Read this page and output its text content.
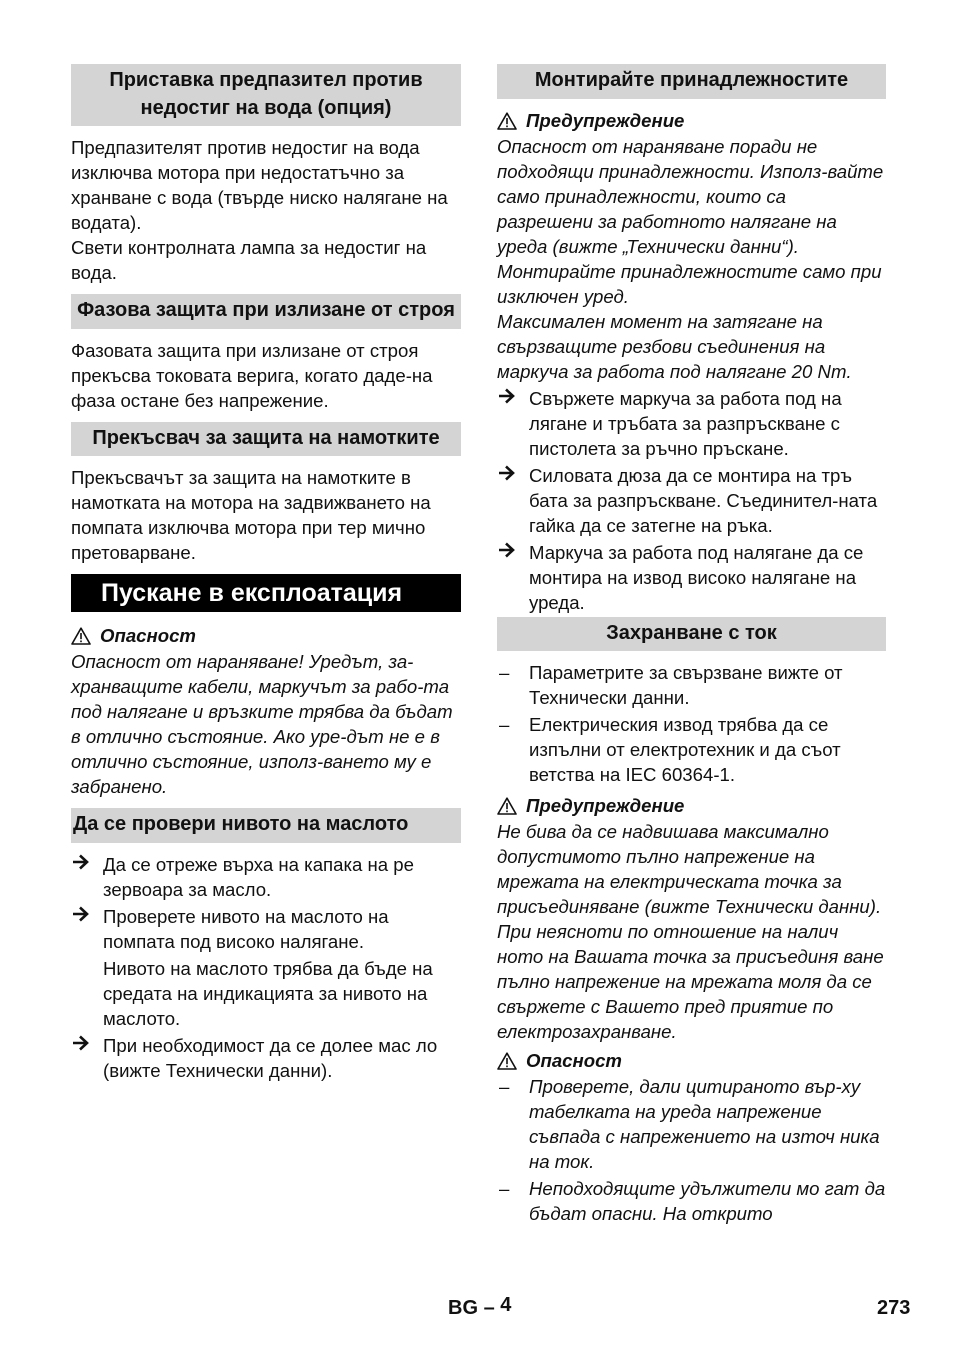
Приставка предпазител против недостиг на вода (опция)

Предпазителят против недостиг на вода изключва мотора при недостатъчно за хранване с вода (твърде ниско налягане на водата).

Свети контролната лампа за недостиг на вода.

Фазова защита при излизане от строя

Фазовата защита при излизане от строя прекъсва токовата верига, когато даде-на фаза остане без напрежение.

Прекъсвач за защита на намотките

Прекъсвачът за защита на намотките в намотката на мотора на задвижването на помпата изключва мотора при тер мично претоварване.

Пускане в експлоатация
Опасност

Опасност от нараняване! Уредът, за-хранващите кабели, маркучът за рабо-та под налягане и връзките трябва да бъдат в отлично състояние. Ако уре-дът не е в отлично състояние, използ-ването му е забранено.

Да се провери нивото на маслото
Да се отреже върха на капака на ре зервоара за масло.
Проверете нивото на маслото на помпата под високо налягане.

Нивото на маслото трябва да бъде на средата на индикацията за нивото на маслото.

При необходимост да се долее мас ло (вижте Технически данни).
Монтирайте принадлежностите
Предупреждение

Опасност от нараняване поради не подходящи принадлежности. Използ-вайте само принадлежности, които са разрешени за работното налягане на уреда (вижте „Технически данни“).

Монтирайте принадлежностите само при изключен уред.

Максимален момент на затягане на свързващите резбови съединения на маркуча за работа под налягане 20 Nm.

Свържете маркуча за работа под на лягане и тръбата за разпръскване с пистолета за ръчно пръскане.
Силовата дюза да се монтира на тръ бата за разпръскване. Съединител-ната гайка да се затегне на ръка.
Маркуча за работа под налягане да се монтира на извод високо налягане на уреда.
Захранване с ток
–	Параметрите за свързване вижте от Технически данни.
–	Електрическия извод трябва да се изпълни от електротехник и да съот ветства на IEC 60364-1.
Предупреждение

Не бива да се надвишава максимално допустимото пълно напрежение на мрежата на електрическата точка за присъединяване (вижте Технически данни).

При неясноти по отношение на налич ното на Вашата точка за присъединя ване пълно напрежение на мрежата моля да се свържете с Вашето пред приятие по електрозахранване.

Опасност
–	Проверете, дали цитираното вър-ху табелката на уреда напрежение съвпада с напрежението на източ ника на ток.
–	Неподходящите удължители мо гат да бъдат опасни. На открито
BG – 4	273
